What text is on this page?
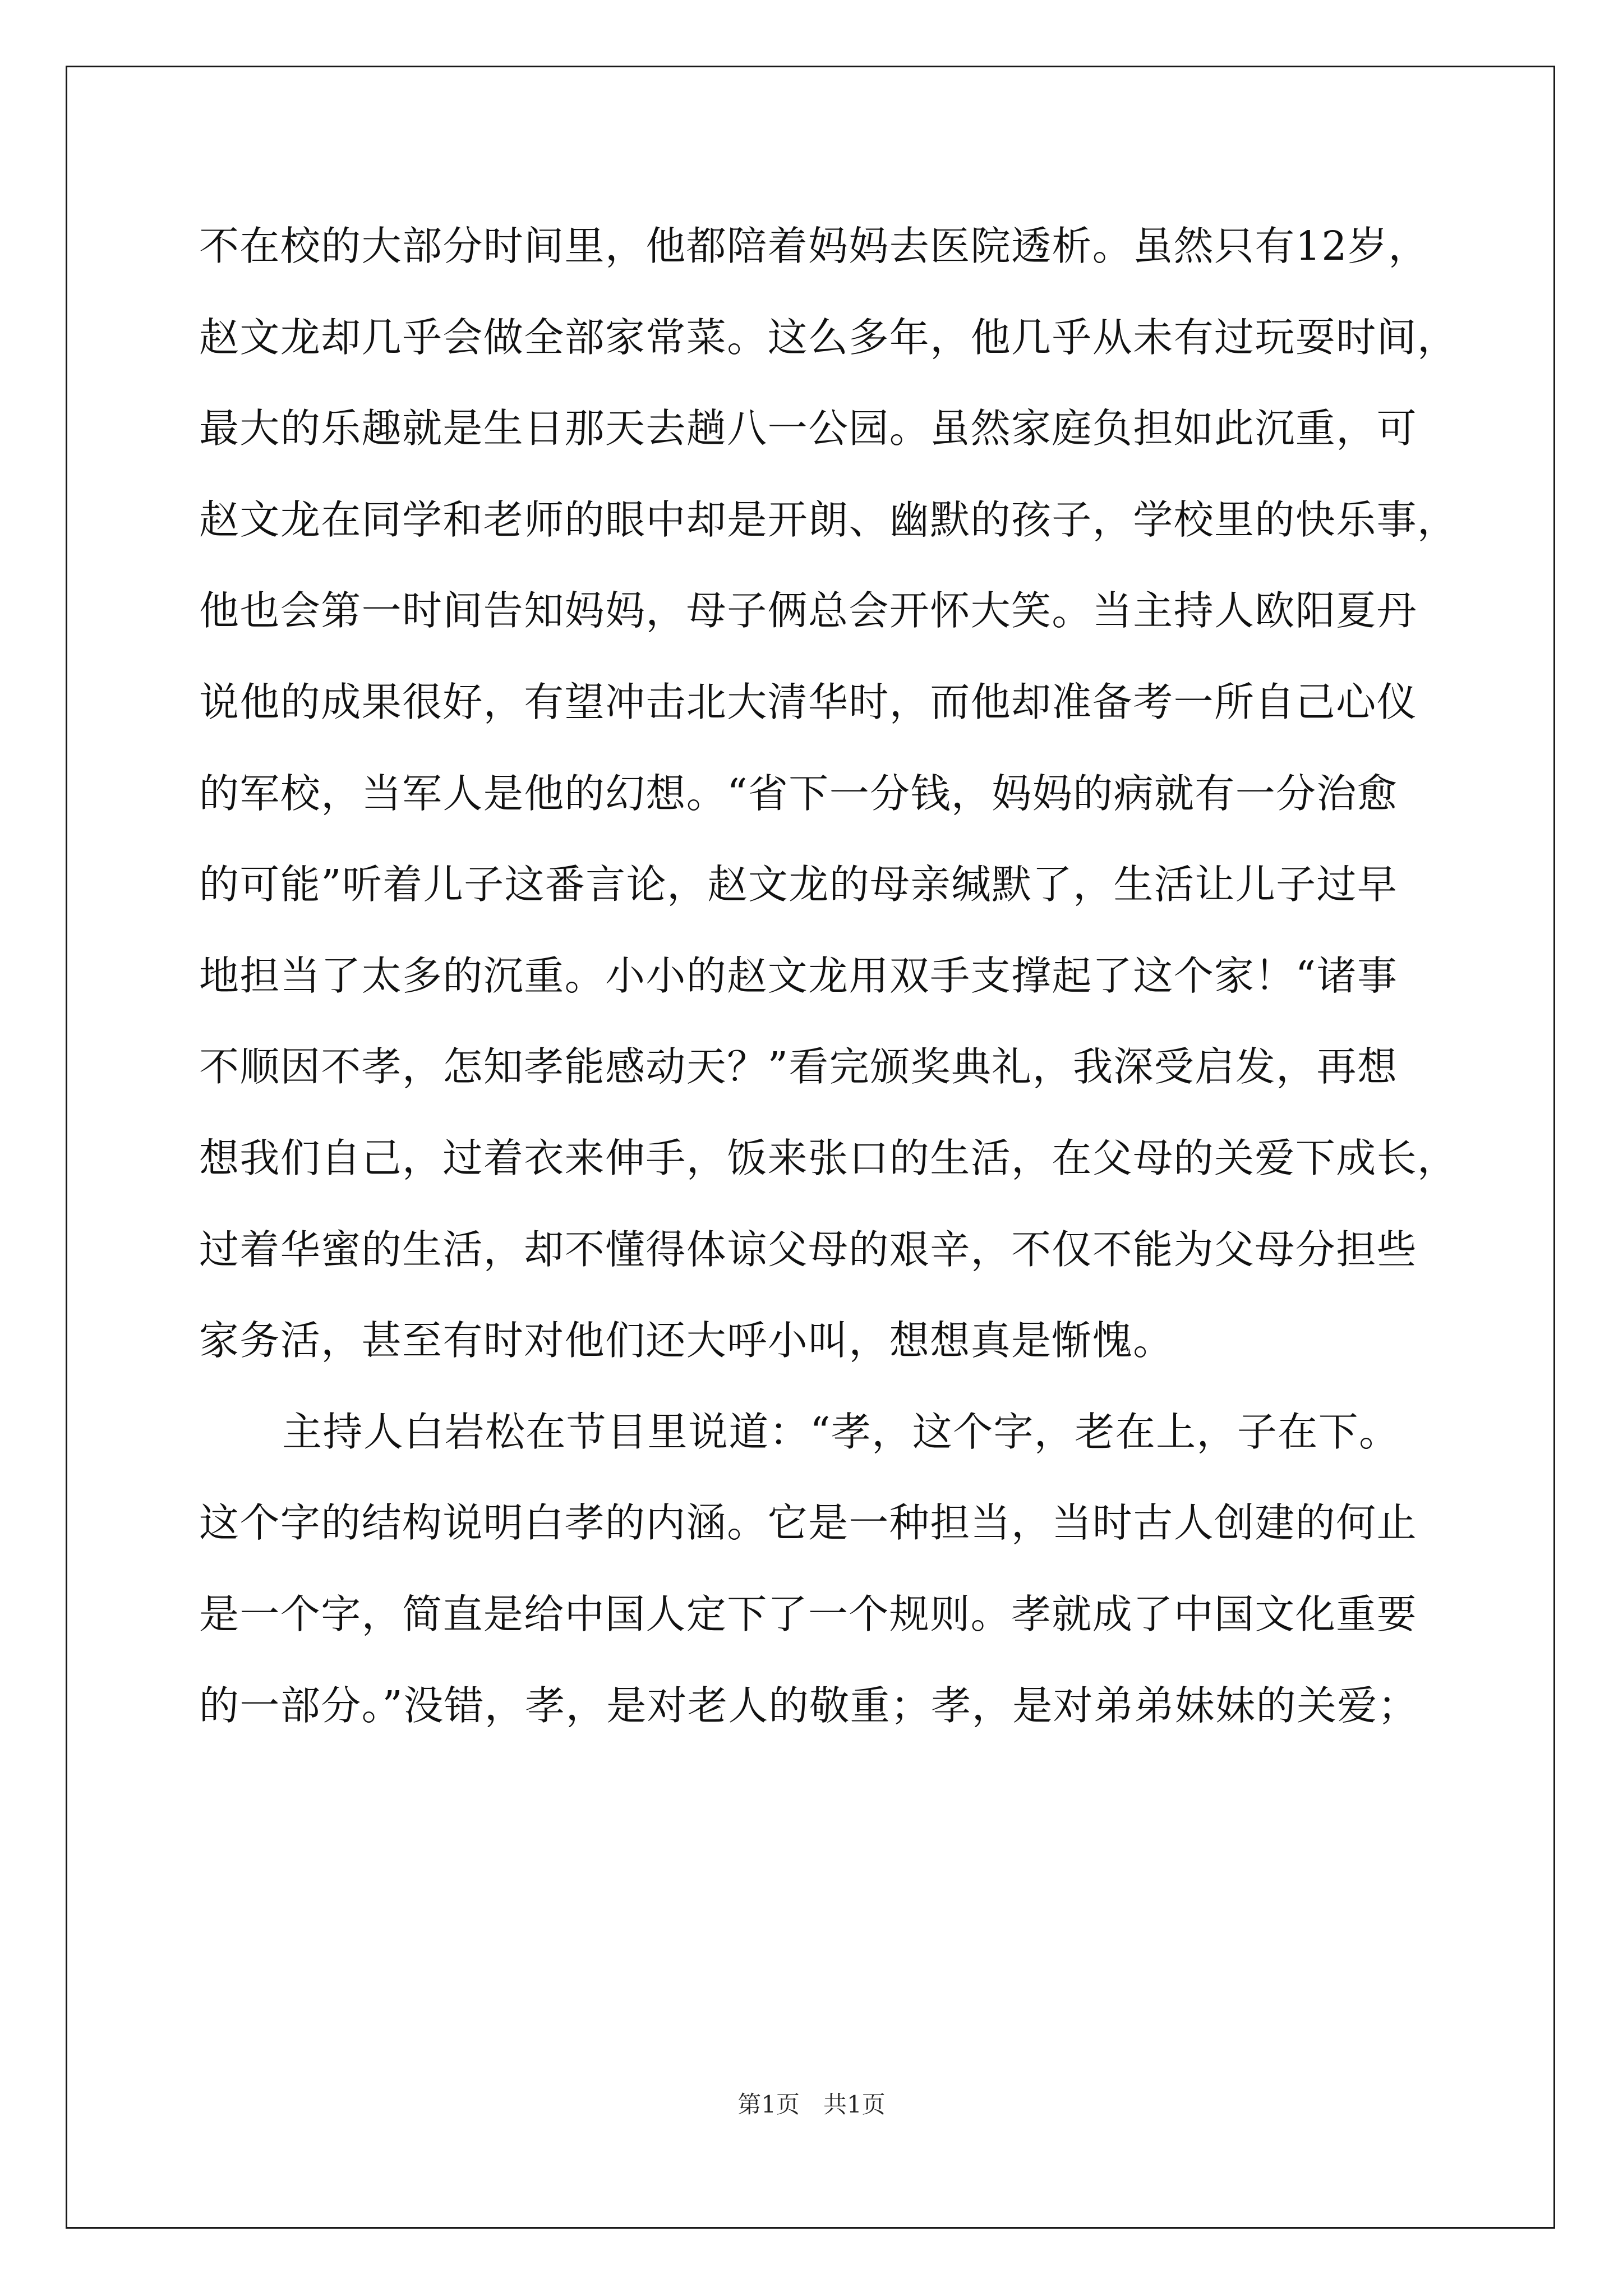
不在校的大部分时间里，他都陪着妈妈去医院透析。虽然只有12岁，
赵文龙却几乎会做全部家常菜。这么多年，他几乎从未有过玩耍时间，
最大的乐趣就是生日那天去趟八一公园。虽然家庭负担如此沉重，可
赵文龙在同学和老师的眼中却是开朗、幽默的孩子，学校里的快乐事，
他也会第一时间告知妈妈，母子俩总会开怀大笑。当主持人欧阳夏丹
说他的成果很好，有望冲击北大清华时，而他却准备考一所自己心仪
的军校，当军人是他的幻想。“省下一分钱，妈妈的病就有一分治愈
的可能”听着儿子这番言论，赵文龙的母亲缄默了，生活让儿子过早
地担当了太多的沉重。小小的赵文龙用双手支撑起了这个家！“诸事
不顺因不孝，怎知孝能感动天？”看完颁奖典礼，我深受启发，再想
想我们自己，过着衣来伸手，饭来张口的生活，在父母的关爱下成长，
过着华蜜的生活，却不懂得体谅父母的艰辛，不仅不能为父母分担些
家务活，甚至有时对他们还大呼小叫，想想真是惭愧。
主持人白岩松在节目里说道：“孝，这个字，老在上，子在下。
这个字的结构说明白孝的内涵。它是一种担当，当时古人创建的何止
是一个字，简直是给中国人定下了一个规则。孝就成了中国文化重要
的一部分。”没错，孝，是对老人的敬重；孝，是对弟弟妹妹的关爱；
第1页　共1页
